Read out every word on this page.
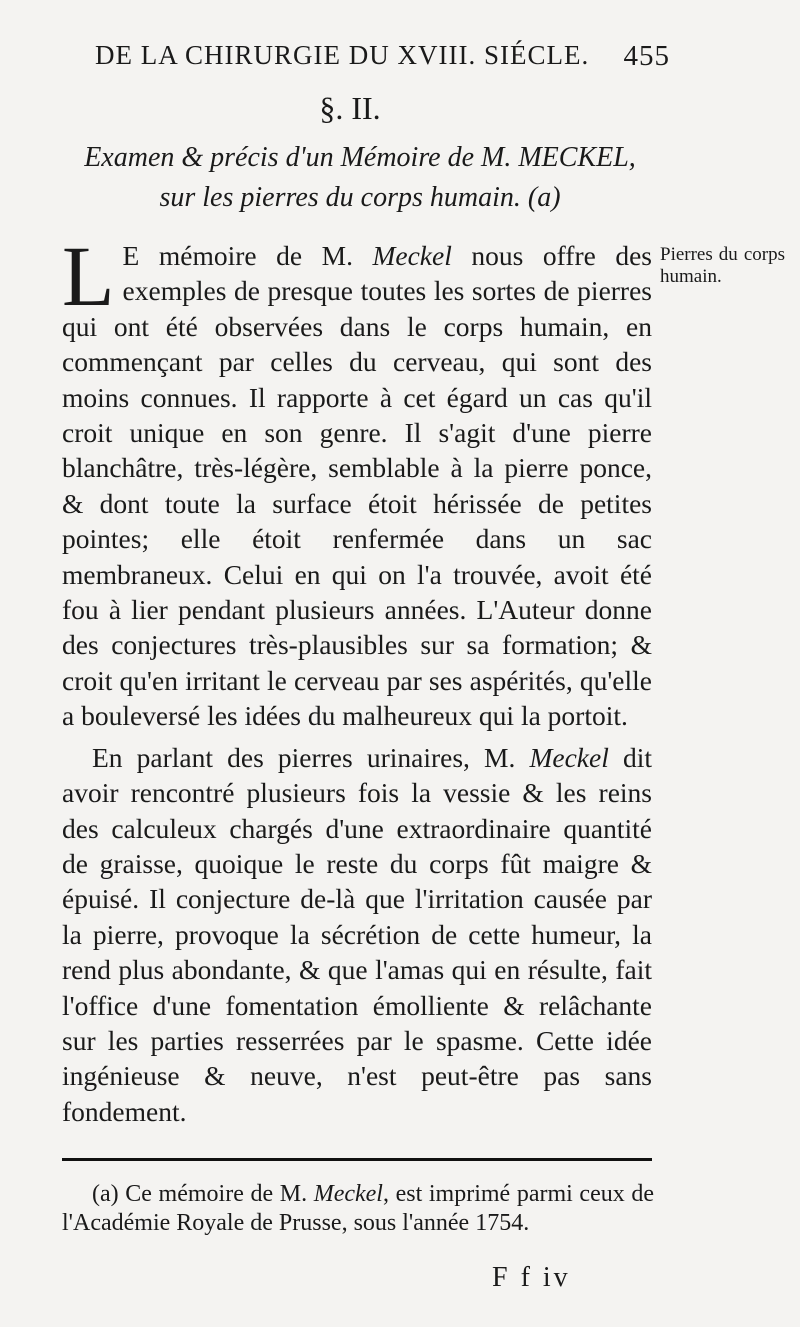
DE LA CHIRURGIE DU XVIII. SIÉCLE. 455
§. II.
Examen & précis d'un Mémoire de M. MECKEL,
sur les pierres du corps humain. (a)

L E mémoire de M. Meckel nous offre des exemples de presque toutes les sortes de pierres qui ont été observées dans le corps humain, en commençant par celles du cerveau, qui sont des moins connues. Il rapporte à cet égard un cas qu'il croit unique en son genre. Il s'agit d'une pierre blanchâtre, très-légère, semblable à la pierre ponce, & dont toute la surface étoit hérissée de petites pointes; elle étoit renfermée dans un sac membraneux. Celui en qui on l'a trouvée, avoit été fou à lier pendant plusieurs années. L'Auteur donne des conjectures très-plausibles sur sa formation; & croit qu'en irritant le cerveau par ses aspérités, qu'elle a bouleversé les idées du malheureux qui la portoit.

En parlant des pierres urinaires, M. Meckel dit avoir rencontré plusieurs fois la vessie & les reins des calculeux chargés d'une extraordinaire quantité de graisse, quoique le reste du corps fût maigre & épuisé. Il conjecture de-là que l'irritation causée par la pierre, provoque la sécrétion de cette humeur, la rend plus abondante, & que l'amas qui en résulte, fait l'office d'une fomentation émolliente & relâchante sur les parties resserrées par le spasme. Cette idée ingénieuse & neuve, n'est peut-être pas sans fondement.

Pierres du corps humain.
(a) Ce mémoire de M. Meckel, est imprimé parmi ceux de l'Académie Royale de Prusse, sous l'année 1754.
F f iv
